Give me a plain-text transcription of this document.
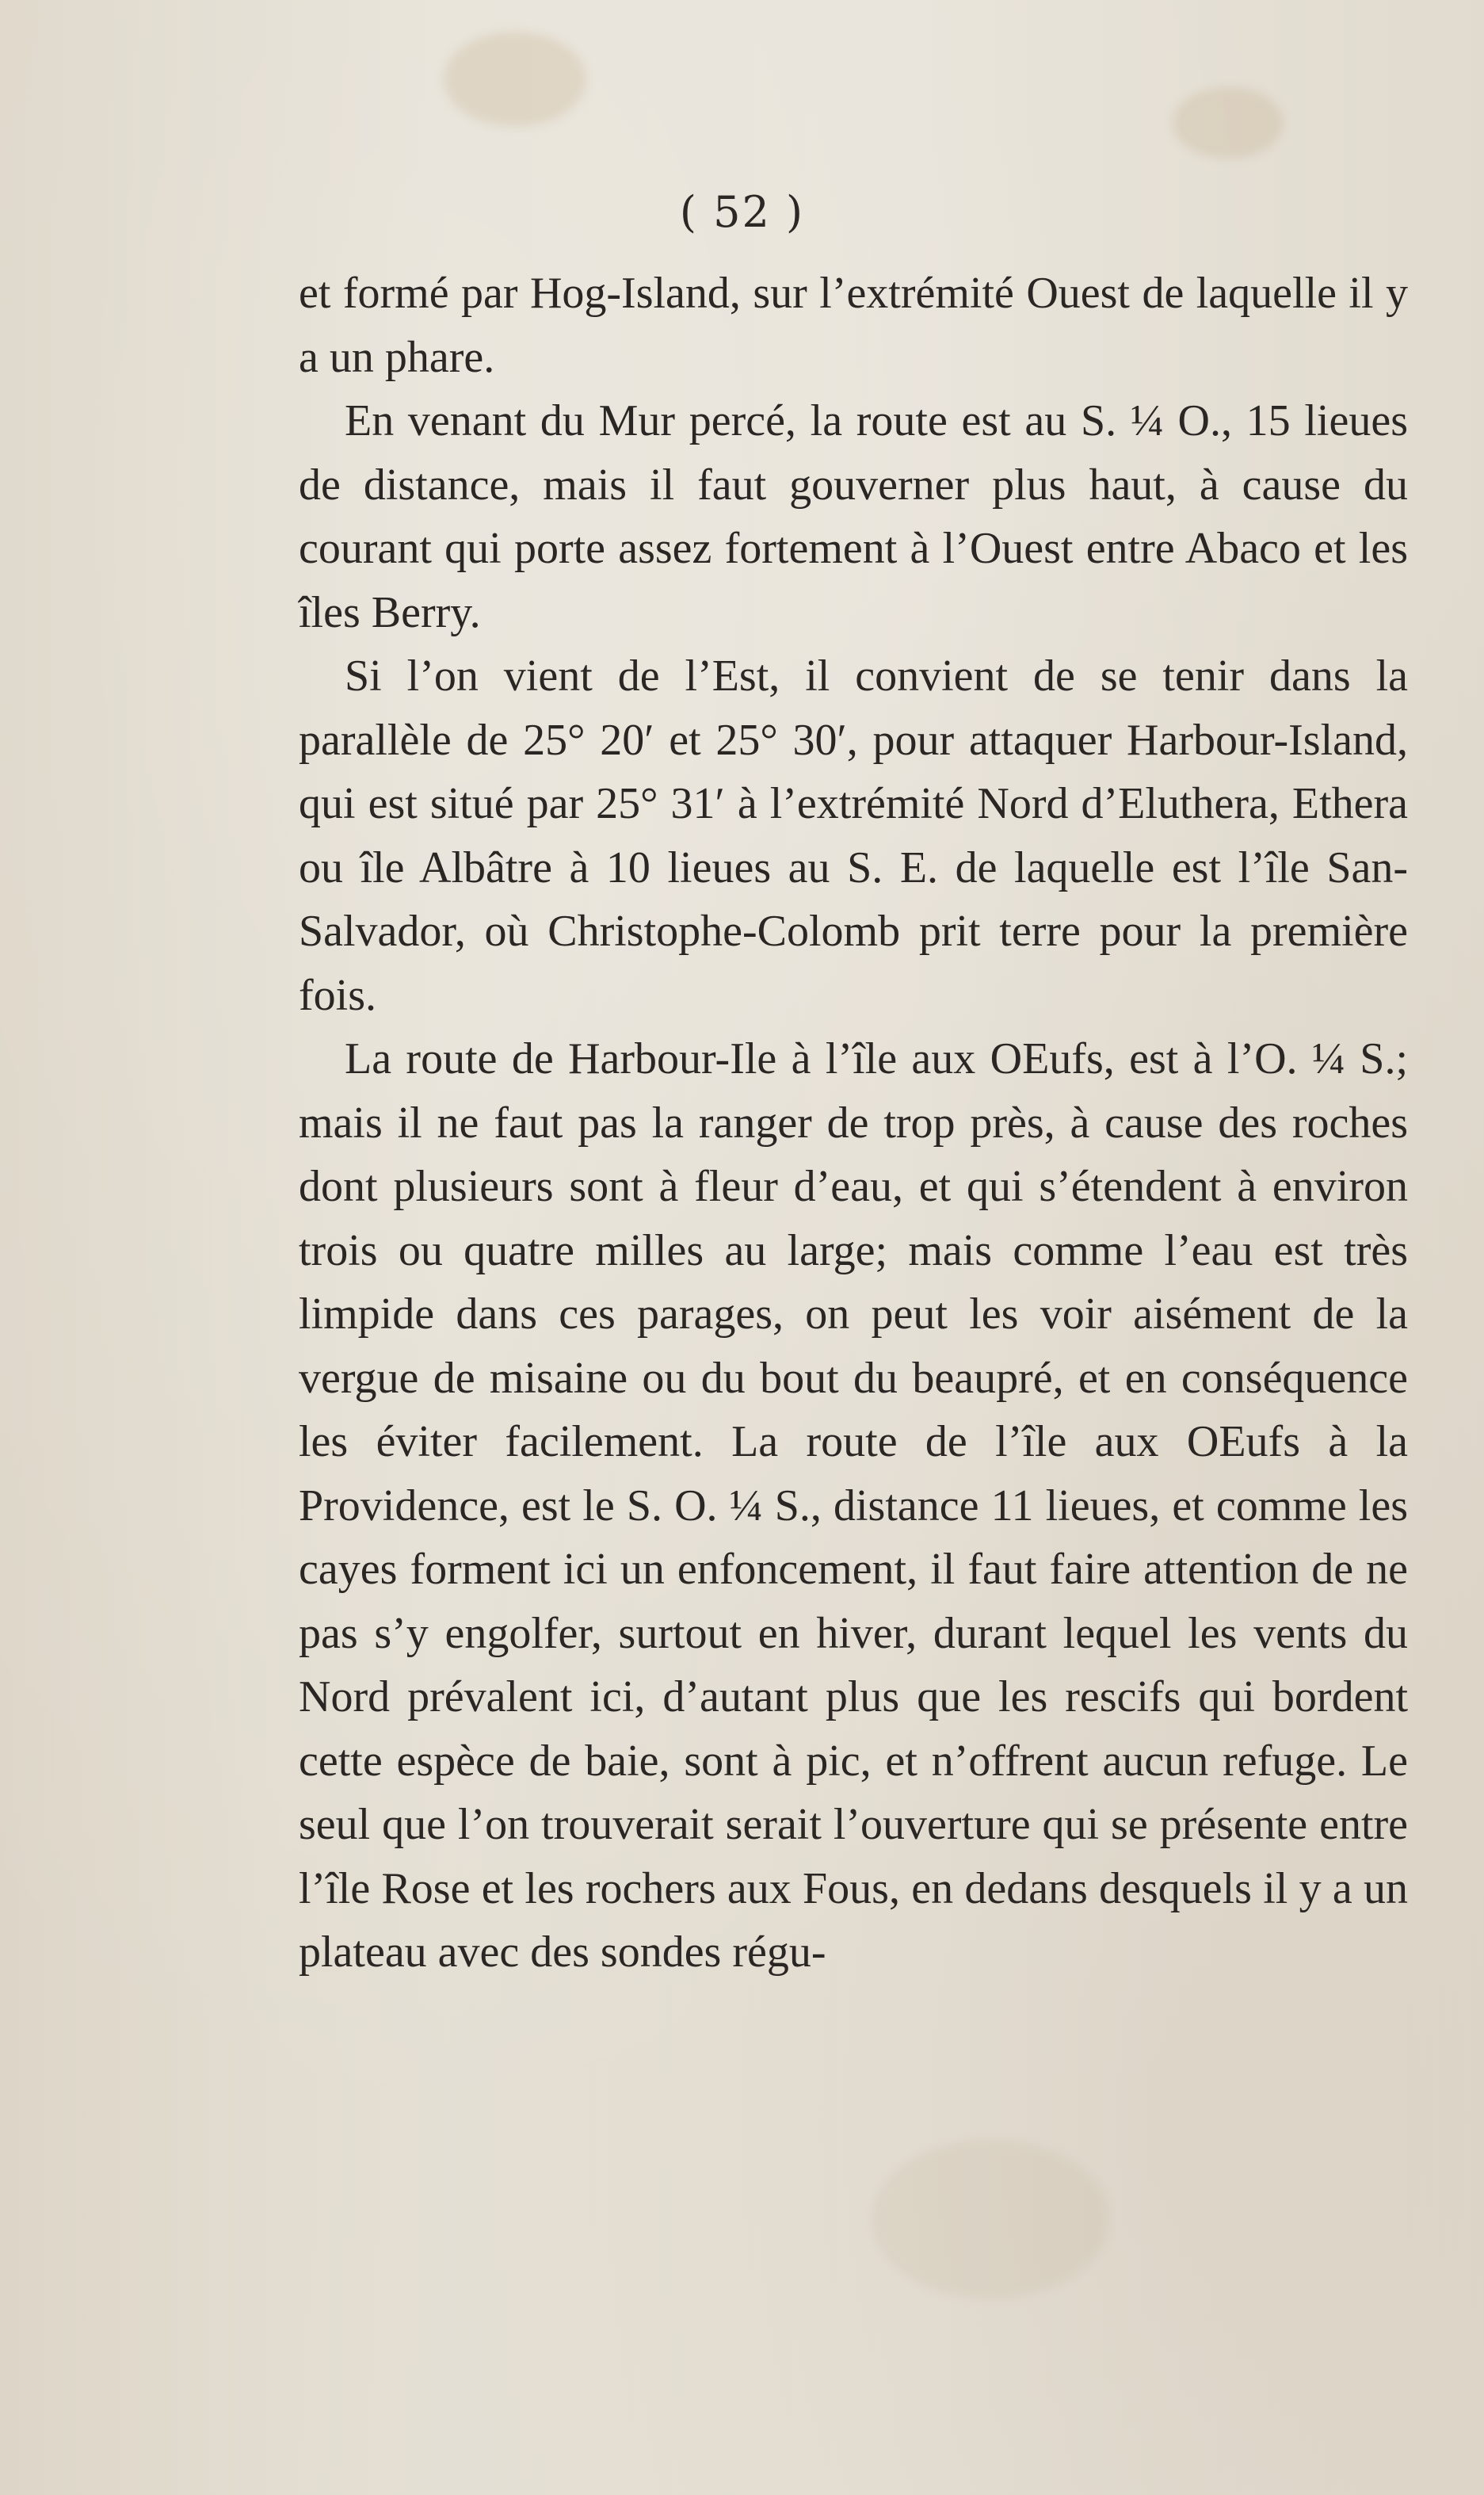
( 52 )

et formé par Hog-Island, sur l’extrémité Ouest de laquelle il y a un phare.

En venant du Mur percé, la route est au S. ¼ O., 15 lieues de distance, mais il faut gouverner plus haut, à cause du courant qui porte assez fortement à l’Ouest entre Abaco et les îles Berry.

Si l’on vient de l’Est, il convient de se tenir dans la parallèle de 25° 20′ et 25° 30′, pour attaquer Harbour-Island, qui est situé par 25° 31′ à l’extrémité Nord d’Eluthera, Ethera ou île Albâtre à 10 lieues au S. E. de laquelle est l’île San-Salvador, où Christophe-Colomb prit terre pour la première fois.

La route de Harbour-Ile à l’île aux OEufs, est à l’O. ¼ S.; mais il ne faut pas la ranger de trop près, à cause des roches dont plusieurs sont à fleur d’eau, et qui s’étendent à environ trois ou quatre milles au large; mais comme l’eau est très limpide dans ces parages, on peut les voir aisément de la vergue de misaine ou du bout du beaupré, et en conséquence les éviter facilement. La route de l’île aux OEufs à la Providence, est le S. O. ¼ S., distance 11 lieues, et comme les cayes forment ici un enfoncement, il faut faire attention de ne pas s’y engolfer, surtout en hiver, durant lequel les vents du Nord prévalent ici, d’autant plus que les rescifs qui bordent cette espèce de baie, sont à pic, et n’offrent aucun refuge. Le seul que l’on trouverait serait l’ouverture qui se présente entre l’île Rose et les rochers aux Fous, en dedans desquels il y a un plateau avec des sondes régu-
